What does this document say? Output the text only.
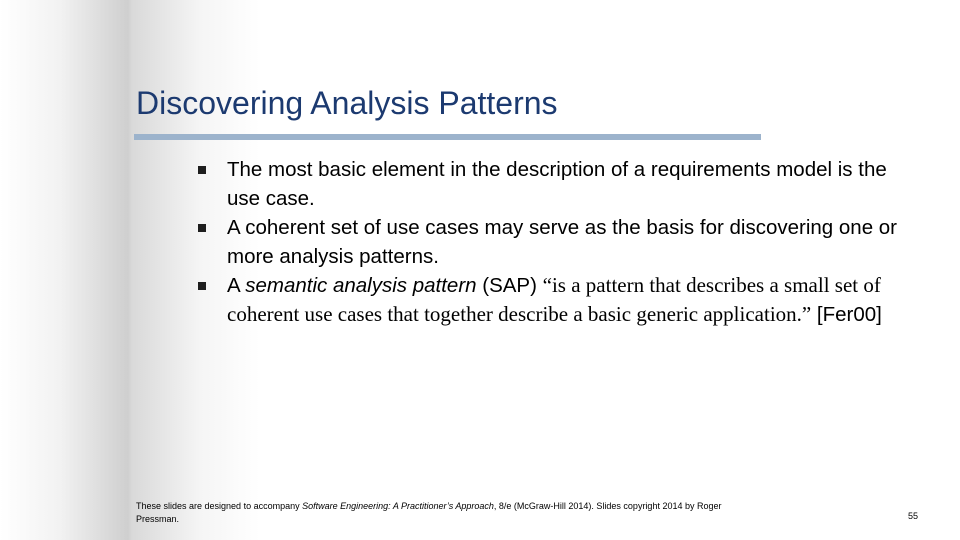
Discovering Analysis Patterns
The most basic element in the description of a requirements model is the use case.
A coherent set of use cases may serve as the basis for discovering one or more analysis patterns.
A semantic analysis pattern (SAP) “is a pattern that describes a small set of coherent use cases that together describe a basic generic application.” [Fer00]
These slides are designed to accompany Software Engineering: A Practitioner’s Approach, 8/e (McGraw-Hill 2014). Slides copyright 2014 by Roger Pressman.	55
